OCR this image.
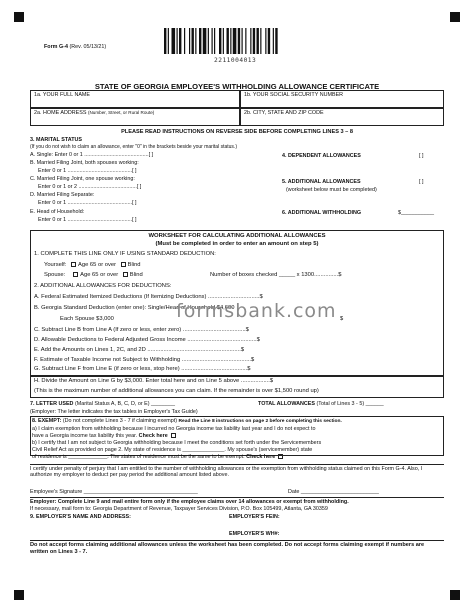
Form G-4 (Rev. 05/13/21)
2211004013
STATE OF GEORGIA EMPLOYEE'S WITHHOLDING ALLOWANCE CERTIFICATE
1a. YOUR FULL NAME	1b. YOUR SOCIAL SECURITY NUMBER
2a. HOME ADDRESS (Number, Street, or Rural Route)	2b. CITY, STATE AND ZIP CODE
PLEASE READ INSTRUCTIONS ON REVERSE SIDE BEFORE COMPLETING LINES 3 – 8
3. MARITAL STATUS
(If you do not wish to claim an allowance, enter "0" in the brackets beside your marital status.)
A. Single: Enter 0 or 1 ...........................................[ ]
B. Married Filing Joint, both spouses working:
Enter 0 or 1 ...........................................[ ]
C. Married Filing Joint, one spouse working:
Enter 0 or 1 or 2 .......................................[ ]
D. Married Filing Separate:
Enter 0 or 1 ...........................................[ ]
E. Head of Household:
Enter 0 or 1 ...........................................[ ]
4. DEPENDENT ALLOWANCES	[ ]
5. ADDITIONAL ALLOWANCES	[ ]
(worksheet below must be completed)
6. ADDITIONAL WITHHOLDING	$___________
WORKSHEET FOR CALCULATING ADDITIONAL ALLOWANCES
(Must be completed in order to enter an amount on step 5)
1. COMPLETE THIS LINE ONLY IF USING STANDARD DEDUCTION:
Yourself: Age 65 or over Blind
Spouse:	Age 65 or over Blind	Number of boxes checked _____ x 1300...............$
2. ADDITIONAL ALLOWANCES FOR DEDUCTIONS:
A. Federal Estimated Itemized Deductions (If Itemizing Deductions) ................................$
B. Georgia Standard Deduction (enter one): Single/Head of Household $4,600
Each Spouse $3,000	$
C. Subtract Line B from Line A (If zero or less, enter zero) .......................................$
D. Allowable Deductions to Federal Adjusted Gross Income ...........................................$
E. Add the Amounts on Lines 1, 2C, and 2D ..........................................................$
F. Estimate of Taxable Income not Subject to Withholding ...........................................$
G. Subtract Line F from Line E (if zero or less, stop here) .........................................$
H. Divide the Amount on Line G by $3,000. Enter total here and on Line 5 above ..................$
(This is the maximum number of additional allowances you can claim. If the remainder is over $1,500 round up)
formsbank.com
7. LETTER USED (Marital Status A, B, C, D, or E) ________	TOTAL ALLOWANCES (Total of Lines 3 - 5) ______
(Employer: The letter indicates the tax tables in Employer's Tax Guide)
8. EXEMPT: (Do not complete Lines 3 - 7 if claiming exempt) Read the Line 8 instructions on page 2 before completing this section.
a) I claim exemption from withholding because I incurred no Georgia income tax liability last year and I do not expect to
have a Georgia income tax liability this year. Check here
b) I certify that I am not subject to Georgia withholding because I meet the conditions set forth under the Servicemembers
Civil Relief Act as provided on page 2. My state of residence is ______________. My spouse's (servicemember) state
of residence is _____________. The states of residence must be the same to be exempt. Check here
I certify under penalty of perjury that I am entitled to the number of withholding allowances or the exemption from withholding status claimed on this Form G-4. Also, I authorize my employer to deduct per pay period the additional amount listed above.
Employee's Signature ______________________________________	Date __________________________
Employer: Complete Line 9 and mail entire form only if the employee claims over 14 allowances or exempt from withholding.
If necessary, mail form to: Georgia Department of Revenue, Taxpayer Services Division, P.O. Box 105499, Atlanta, GA 30359
9. EMPLOYER'S NAME AND ADDRESS:	EMPLOYER'S FEIN:
EMPLOYER'S WH#:
Do not accept forms claiming additional allowances unless the worksheet has been completed. Do not accept forms claiming exempt if numbers are written on Lines 3 - 7.
